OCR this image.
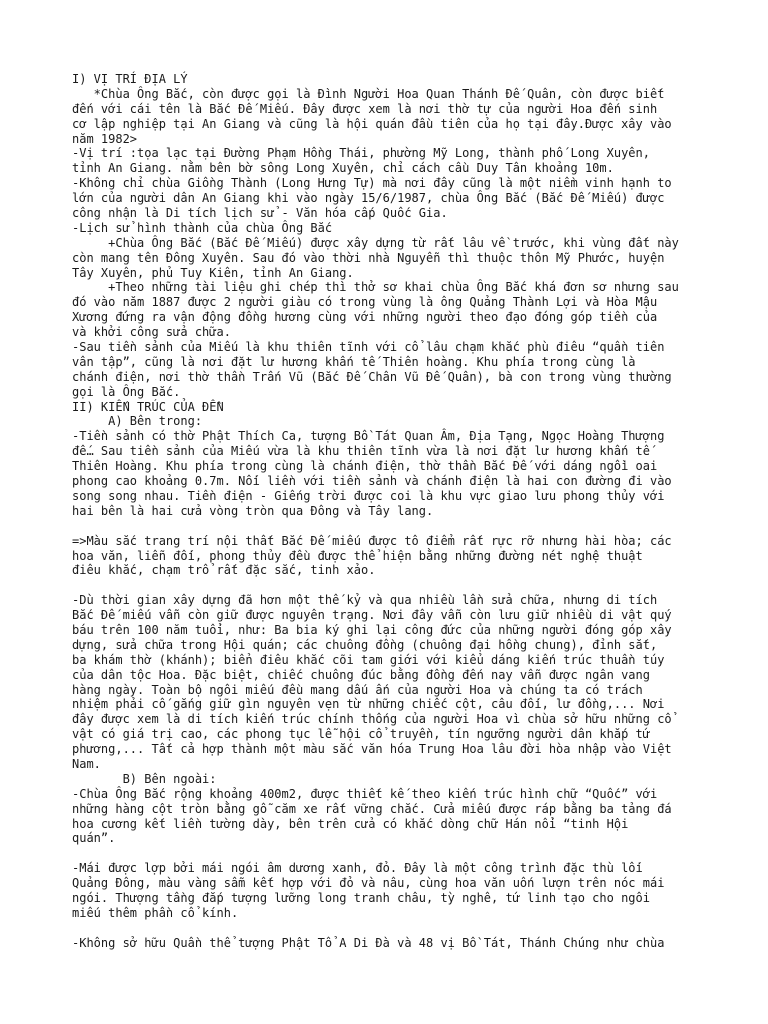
I) VỊ TRÍ ĐỊA LÝ
*Chùa Ông Bắc, còn được gọi là Đình Người Hoa Quan Thánh Đế Quân, còn được biết
đến với cái tên là Bắc Đế Miếu. Đây được xem là nơi thờ tự của người Hoa đến sinh
cơ lập nghiệp tại An Giang và cũng là hội quán đầu tiên của họ tại đây.Được xây vào
năm 1982>
-Vị trí :tọa lạc tại Đường Phạm Hồng Thái, phường Mỹ Long, thành phố Long Xuyên,
tỉnh An Giang. nằm bên bờ sông Long Xuyên, chỉ cách cầu Duy Tân khoảng 10m.
-Không chỉ chùa Giồng Thành (Long Hưng Tự) mà nơi đây cũng là một niềm vinh hạnh to
lớn của người dân An Giang khi vào ngày 15/6/1987, chùa Ông Bắc (Bắc Đế Miếu) được
công nhận là Di tích lịch sử - Văn hóa cấp Quốc Gia.
-Lịch sử hình thành của chùa Ông Bắc
+Chùa Ông Bắc (Bắc Đế Miếu) được xây dựng từ rất lâu về trước, khi vùng đất này
còn mang tên Đông Xuyên. Sau đó vào thời nhà Nguyễn thì thuộc thôn Mỹ Phước, huyện
Tây Xuyên, phủ Tuy Kiên, tỉnh An Giang.
+Theo những tài liệu ghi chép thì thở sơ khai chùa Ông Bắc khá đơn sơ nhưng sau
đó vào năm 1887 được 2 người giàu có trong vùng là ông Quảng Thành Lợi và Hòa Mậu
Xương đứng ra vận động đồng hương cùng với những người theo đạo đóng góp tiền của
và khởi công sửa chữa.
-Sau tiền sảnh của Miếu là khu thiên tĩnh với cổ lâu chạm khắc phù điêu “quần tiên
vân tập”, cũng là nơi đặt lư hương khấn tế Thiên hoàng. Khu phía trong cùng là
chánh điện, nơi thờ thần Trấn Vũ (Bắc Đế Chân Vũ Đế Quân), bà con trong vùng thường
gọi là Ông Bắc.
II) KIẾN TRÚC CỦA ĐỀN
A) Bên trong:
-Tiền sảnh có thờ Phật Thích Ca, tượng Bồ Tát Quan Âm, Địa Tạng, Ngọc Hoàng Thượng
đế… Sau tiền sảnh của Miếu vừa là khu thiên tĩnh vừa là nơi đặt lư hương khấn tế
Thiên Hoàng. Khu phía trong cùng là chánh điện, thờ thần Bắc Đế với dáng ngồi oai
phong cao khoảng 0.7m. Nối liền với tiền sảnh và chánh điện là hai con đường đi vào
song song nhau. Tiền điện - Giếng trời được coi là khu vực giao lưu phong thủy với
hai bên là hai cửa vòng tròn qua Đông và Tây lang.
=>Màu sắc trang trí nội thất Bắc Đế miếu được tô điểm rất rực rỡ nhưng hài hòa; các
hoa văn, liễn đối, phong thủy đều được thể hiện bằng những đường nét nghệ thuật
điêu khắc, chạm trổ rất đặc sắc, tinh xảo.
-Dù thời gian xây dựng đã hơn một thế kỷ và qua nhiều lần sửa chữa, nhưng di tích
Bắc Đế miếu vẫn còn giữ được nguyên trạng. Nơi đây vẫn còn lưu giữ nhiều di vật quý
báu trên 100 năm tuổi, như: Ba bia ký ghi lại công đức của những người đóng góp xây
dựng, sửa chữa trong Hội quán; các chuông đồng (chuông đại hồng chung), đỉnh sắt,
ba khám thờ (khánh); biển điêu khắc cõi tam giới với kiểu dáng kiến trúc thuần túy
của dân tộc Hoa. Đặc biệt, chiếc chuông đúc bằng đồng đến nay vẫn được ngân vang
hàng ngày. Toàn bộ ngôi miếu đều mang dấu ấn của người Hoa và chúng ta có trách
nhiệm phải cố gắng giữ gìn nguyên vẹn từ những chiếc cột, câu đối, lư đồng,... Nơi
đây được xem là di tích kiến trúc chính thống của người Hoa vì chùa sở hữu những cổ
vật có giá trị cao, các phong tục lễ hội cổ truyền, tín ngưỡng người dân khắp tứ
phương,... Tất cả hợp thành một màu sắc văn hóa Trung Hoa lâu đời hòa nhập vào Việt
Nam.
B) Bên ngoài:
-Chùa Ông Bắc rộng khoảng 400m2, được thiết kế theo kiến trúc hình chữ “Quốc” với
những hàng cột tròn bằng gỗ căm xe rất vững chắc. Cửa miếu được ráp bằng ba tảng đá
hoa cương kết liền tường dày, bên trên cửa có khắc dòng chữ Hán nổi “tinh Hội
quán”.
-Mái được lợp bởi mái ngói âm dương xanh, đỏ. Đây là một công trình đặc thù lối
Quảng Đông, màu vàng sẫm kết hợp với đỏ và nâu, cùng hoa văn uốn lượn trên nóc mái
ngói. Thượng tầng đắp tượng lưỡng long tranh châu, tỳ nghê, tứ linh tạo cho ngôi
miếu thêm phần cổ kính.
-Không sở hữu Quần thể tượng Phật Tổ A Di Đà và 48 vị Bồ Tát, Thánh Chúng như chùa
